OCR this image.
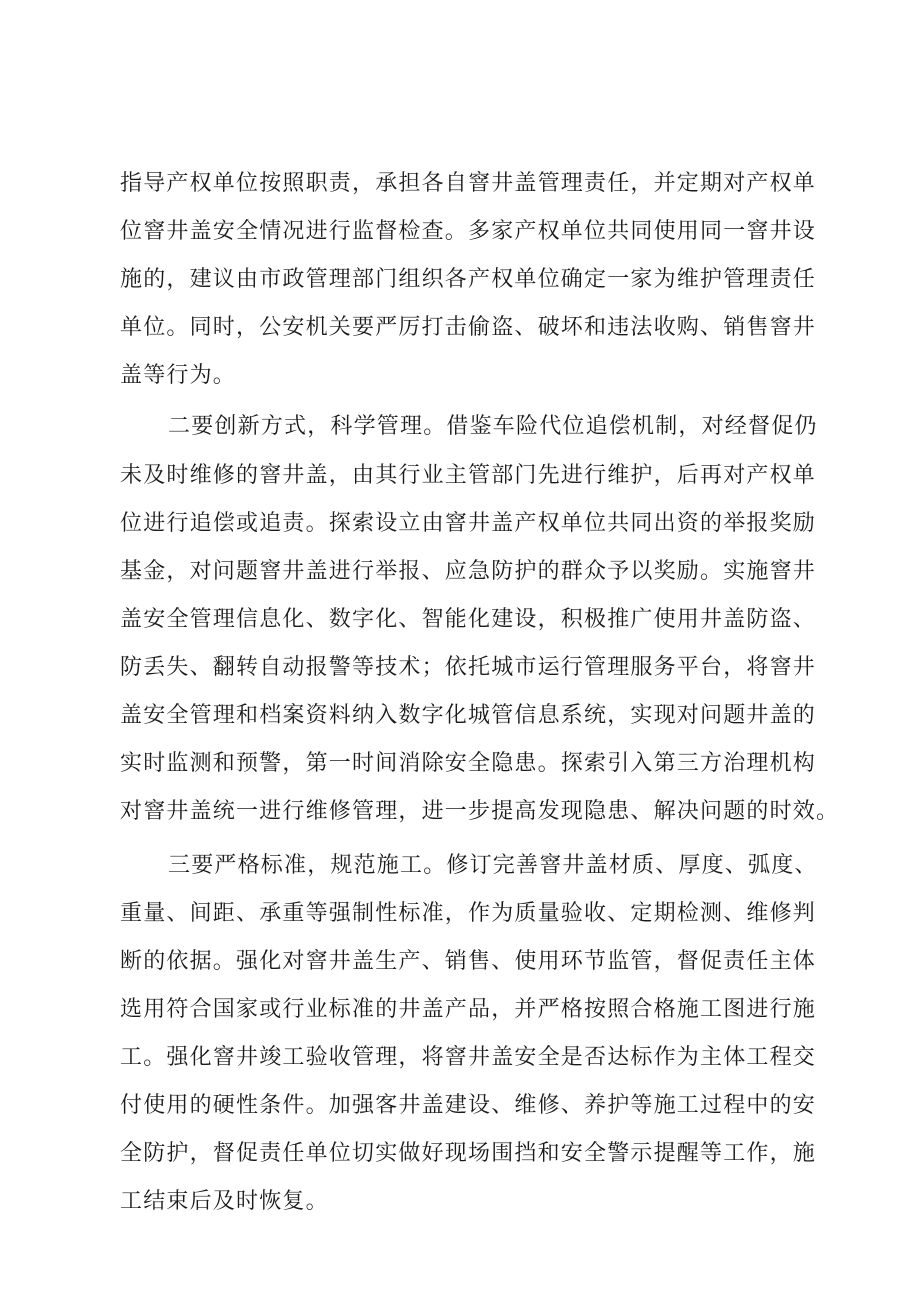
指导产权单位按照职责，承担各自窨井盖管理责任，并定期对产权单
位窨井盖安全情况进行监督检查。多家产权单位共同使用同一窨井设
施的，建议由市政管理部门组织各产权单位确定一家为维护管理责任
单位。同时，公安机关要严厉打击偷盗、破坏和违法收购、销售窨井
盖等行为。
二要创新方式，科学管理。借鉴车险代位追偿机制，对经督促仍
未及时维修的窨井盖，由其行业主管部门先进行维护，后再对产权单
位进行追偿或追责。探索设立由窨井盖产权单位共同出资的举报奖励
基金，对问题窨井盖进行举报、应急防护的群众予以奖励。实施窨井
盖安全管理信息化、数字化、智能化建设，积极推广使用井盖防盗、
防丢失、翻转自动报警等技术；依托城市运行管理服务平台，将窨井
盖安全管理和档案资料纳入数字化城管信息系统，实现对问题井盖的
实时监测和预警，第一时间消除安全隐患。探索引入第三方治理机构
对窨井盖统一进行维修管理，进一步提高发现隐患、解决问题的时效。
三要严格标准，规范施工。修订完善窨井盖材质、厚度、弧度、
重量、间距、承重等强制性标准，作为质量验收、定期检测、维修判
断的依据。强化对窨井盖生产、销售、使用环节监管，督促责任主体
选用符合国家或行业标准的井盖产品，并严格按照合格施工图进行施
工。强化窨井竣工验收管理，将窨井盖安全是否达标作为主体工程交
付使用的硬性条件。加强客井盖建设、维修、养护等施工过程中的安
全防护，督促责任单位切实做好现场围挡和安全警示提醒等工作，施
工结束后及时恢复。
